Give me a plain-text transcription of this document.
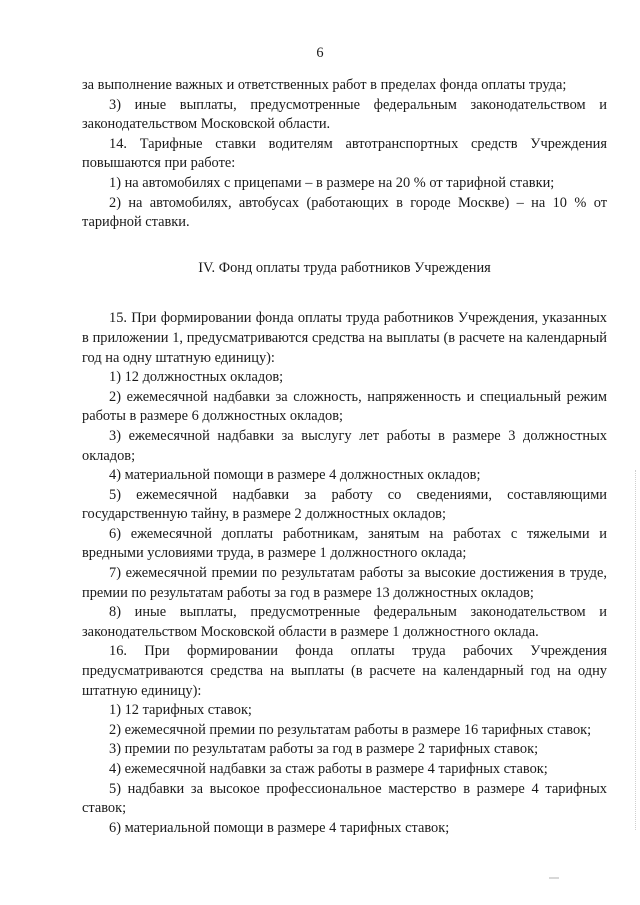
6

за выполнение важных и ответственных работ в пределах фонда оплаты труда;

3) иные выплаты, предусмотренные федеральным законодательством и законодательством Московской области.

14. Тарифные ставки водителям автотранспортных средств Учреждения повышаются при работе:

1) на автомобилях с прицепами – в размере на 20 % от тарифной ставки;

2) на автомобилях, автобусах (работающих в городе Москве) – на 10 % от тарифной ставки.

IV. Фонд оплаты труда работников Учреждения

15. При формировании фонда оплаты труда работников Учреждения, указанных в приложении 1, предусматриваются средства на выплаты (в расчете на календарный год на одну штатную единицу):

1) 12 должностных окладов;

2) ежемесячной надбавки за сложность, напряженность и специальный режим работы в размере 6 должностных окладов;

3) ежемесячной надбавки за выслугу лет работы в размере 3 должностных окладов;

4) материальной помощи в размере 4 должностных окладов;

5) ежемесячной надбавки за работу со сведениями, составляющими государственную тайну, в размере 2 должностных окладов;

6) ежемесячной доплаты работникам, занятым на работах с тяжелыми и вредными условиями труда, в размере 1 должностного оклада;

7) ежемесячной премии по результатам работы за высокие достижения в труде, премии по результатам работы за год в размере 13 должностных окладов;

8) иные выплаты, предусмотренные федеральным законодательством и законодательством Московской области в размере 1 должностного оклада.

16. При формировании фонда оплаты труда рабочих Учреждения предусматриваются средства на выплаты (в расчете на календарный год на одну штатную единицу):

1) 12 тарифных ставок;

2) ежемесячной премии по результатам работы в размере 16 тарифных ставок;

3) премии по результатам работы за год в размере 2 тарифных ставок;

4) ежемесячной надбавки за стаж работы в размере 4 тарифных ставок;

5) надбавки за высокое профессиональное мастерство в размере 4 тарифных ставок;

6) материальной помощи в размере 4 тарифных ставок;
